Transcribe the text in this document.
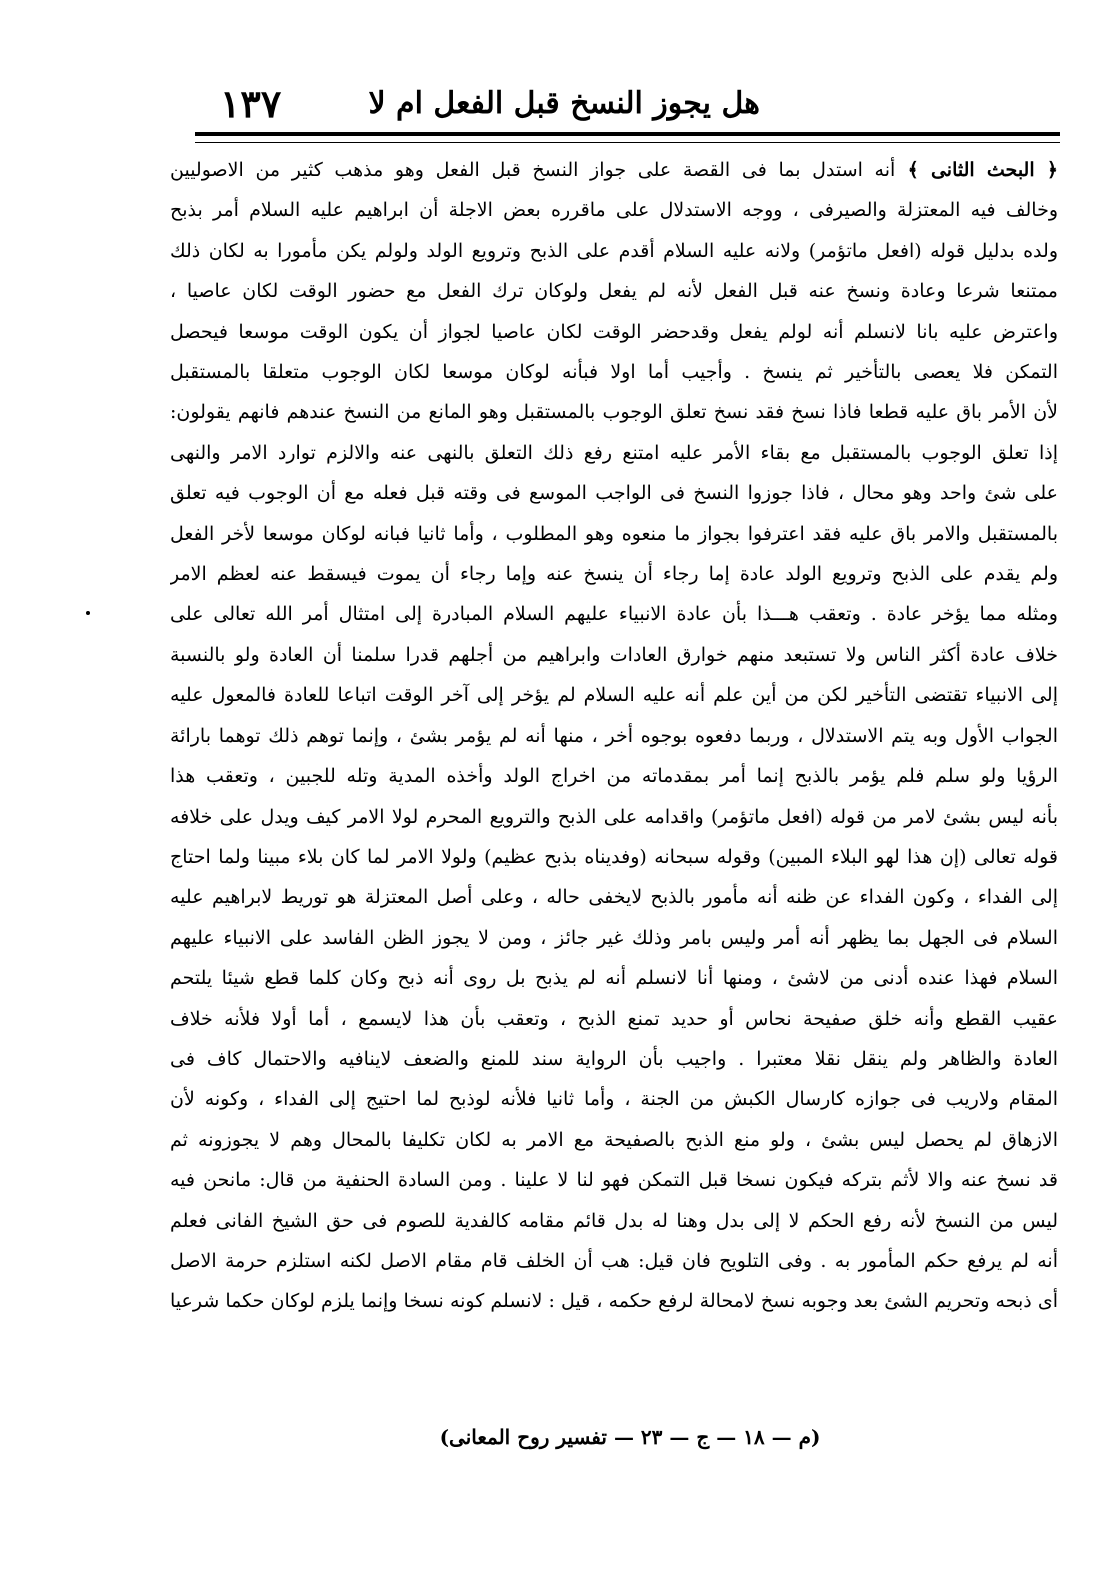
١٣٧	هل يجوز النسخ قبل الفعل ام لا
﴿ البحث الثانى ﴾ أنه استدل بما فى القصة على جواز النسخ قبل الفعل وهو مذهب كثير من الاصوليين
وخالف فيه المعتزلة والصيرفى ، ووجه الاستدلال على ماقرره بعض الاجلة أن ابراهيم عليه السلام أمر بذبح
ولده بدليل قوله (افعل ماتؤمر) ولانه عليه السلام أقدم على الذبح وترويع الولد ولولم يكن مأمورا به لكان ذلك
ممتنعا شرعا وعادة ونسخ عنه قبل الفعل لأنه لم يفعل ولوكان ترك الفعل مع حضور الوقت لكان عاصيا ،
واعترض عليه بانا لانسلم أنه لولم يفعل وقدحضر الوقت لكان عاصيا لجواز أن يكون الوقت موسعا فيحصل
التمكن فلا يعصى بالتأخير ثم ينسخ . وأجيب أما اولا فبأنه لوكان موسعا لكان الوجوب متعلقا بالمستقبل
لأن الأمر باق عليه قطعا فاذا نسخ فقد نسخ تعلق الوجوب بالمستقبل وهو المانع من النسخ عندهم فانهم يقولون:
إذا تعلق الوجوب بالمستقبل مع بقاء الأمر عليه امتنع رفع ذلك التعلق بالنهى عنه والالزم توارد الامر والنهى
على شئ واحد وهو محال ، فاذا جوزوا النسخ فى الواجب الموسع فى وقته قبل فعله مع أن الوجوب فيه تعلق
بالمستقبل والامر باق عليه فقد اعترفوا بجواز ما منعوه وهو المطلوب ، وأما ثانيا فبانه لوكان موسعا لأخر الفعل
ولم يقدم على الذبح وترويع الولد عادة إما رجاء أن ينسخ عنه وإما رجاء أن يموت فيسقط عنه لعظم الامر
ومثله مما يؤخر عادة . وتعقب هـــذا بأن عادة الانبياء عليهم السلام المبادرة إلى امتثال أمر الله تعالى على
خلاف عادة أكثر الناس ولا تستبعد منهم خوارق العادات وابراهيم من أجلهم قدرا سلمنا أن العادة ولو بالنسبة
إلى الانبياء تقتضى التأخير لكن من أين علم أنه عليه السلام لم يؤخر إلى آخر الوقت اتباعا للعادة فالمعول عليه
الجواب الأول وبه يتم الاستدلال ، وربما دفعوه بوجوه أخر ، منها أنه لم يؤمر بشئ ، وإنما توهم ذلك توهما بارائة
الرؤيا ولو سلم فلم يؤمر بالذبح إنما أمر بمقدماته من اخراج الولد وأخذه المدية وتله للجبين ، وتعقب هذا
بأنه ليس بشئ لامر من قوله (افعل ماتؤمر) واقدامه على الذبح والترويع المحرم لولا الامر كيف ويدل على خلافه
قوله تعالى (إن هذا لهو البلاء المبين) وقوله سبحانه (وفديناه بذبح عظيم) ولولا الامر لما كان بلاء مبينا ولما احتاج
إلى الفداء ، وكون الفداء عن ظنه أنه مأمور بالذبح لايخفى حاله ، وعلى أصل المعتزلة هو توريط لابراهيم عليه
السلام فى الجهل بما يظهر أنه أمر وليس بامر وذلك غير جائز ، ومن لا يجوز الظن الفاسد على الانبياء عليهم
السلام فهذا عنده أدنى من لاشئ ، ومنها أنا لانسلم أنه لم يذبح بل روى أنه ذبح وكان كلما قطع شيئا يلتحم
عقيب القطع وأنه خلق صفيحة نحاس أو حديد تمنع الذبح ، وتعقب بأن هذا لايسمع ، أما أولا فلأنه خلاف
العادة والظاهر ولم ينقل نقلا معتبرا . واجيب بأن الرواية سند للمنع والضعف لاينافيه والاحتمال كاف فى
المقام ولاريب فى جوازه كارسال الكبش من الجنة ، وأما ثانيا فلأنه لوذبح لما احتيج إلى الفداء ، وكونه لأن
الازهاق لم يحصل ليس بشئ ، ولو منع الذبح بالصفيحة مع الامر به لكان تكليفا بالمحال وهم لا يجوزونه ثم
قد نسخ عنه والا لأثم بتركه فيكون نسخا قبل التمكن فهو لنا لا علينا . ومن السادة الحنفية من قال: مانحن فيه
ليس من النسخ لأنه رفع الحكم لا إلى بدل وهنا له بدل قائم مقامه كالفدية للصوم فى حق الشيخ الفانى فعلم
أنه لم يرفع حكم المأمور به . وفى التلويح فان قيل: هب أن الخلف قام مقام الاصل لكنه استلزم حرمة الاصل
أى ذبحه وتحريم الشئ بعد وجوبه نسخ لامحالة لرفع حكمه ، قيل : لانسلم كونه نسخا وإنما يلزم لوكان حكما شرعيا
(م — ١٨ — ج — ٢٣ — تفسير روح المعانى)
